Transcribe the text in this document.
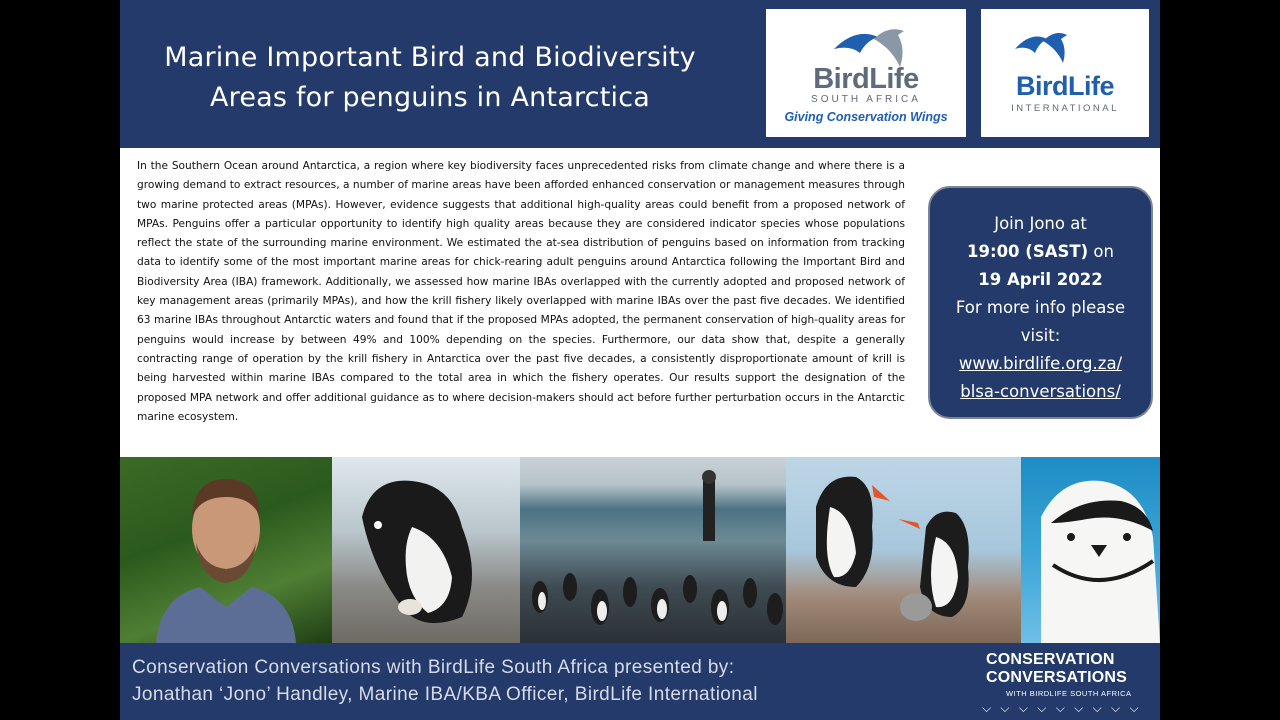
Marine Important Bird and Biodiversity
Areas for penguins in Antarctica
BirdLife
SOUTH AFRICA
Giving Conservation Wings
BirdLife
INTERNATIONAL

In the Southern Ocean around Antarctica, a region where key biodiversity faces unprecedented risks from climate change and where there is a growing demand to extract resources, a number of marine areas have been afforded enhanced conservation or management measures through two marine protected areas (MPAs). However, evidence suggests that additional high-quality areas could benefit from a proposed network of MPAs. Penguins offer a particular opportunity to identify high quality areas because they are considered indicator species whose populations reflect the state of the surrounding marine environment. We estimated the at-sea distribution of penguins based on information from tracking data to identify some of the most important marine areas for chick-rearing adult penguins around Antarctica following the Important Bird and Biodiversity Area (IBA) framework. Additionally, we assessed how marine IBAs overlapped with the currently adopted and proposed network of key management areas (primarily MPAs), and how the krill fishery likely overlapped with marine IBAs over the past five decades. We identified 63 marine IBAs throughout Antarctic waters and found that if the proposed MPAs adopted, the permanent conservation of high-quality areas for penguins would increase by between 49% and 100% depending on the species. Furthermore, our data show that, despite a generally contracting range of operation by the krill fishery in Antarctica over the past five decades, a consistently disproportionate amount of krill is being harvested within marine IBAs compared to the total area in which the fishery operates. Our results support the designation of the proposed MPA network and offer additional guidance as to where decision-makers should act before further perturbation occurs in the Antarctic marine ecosystem.

Join Jono at
19:00 (SAST) on
19 April 2022
For more info please visit:
www.birdlife.org.za/
blsa-conversations/
Conservation Conversations with BirdLife South Africa presented by:
Jonathan ‘Jono’ Handley, Marine IBA/KBA Officer, BirdLife International
CONSERVATION
CONVERSATIONS
WITH BIRDLIFE SOUTH AFRICA
⌵ ⌵ ⌵ ⌵ ⌵ ⌵ ⌵ ⌵ ⌵
